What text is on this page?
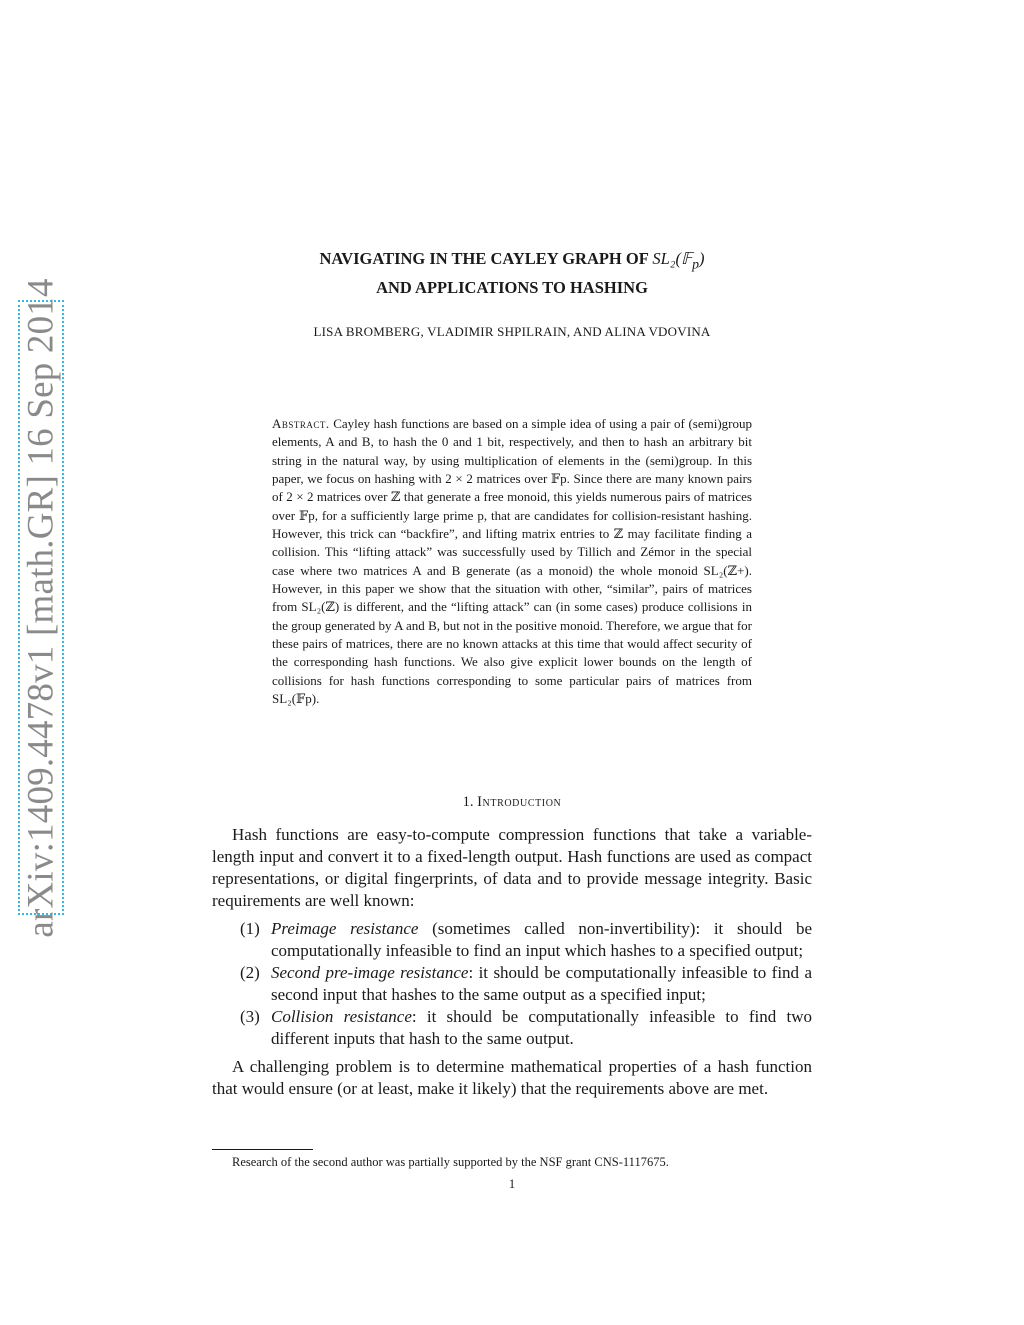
arXiv:1409.4478v1 [math.GR] 16 Sep 2014
NAVIGATING IN THE CAYLEY GRAPH OF SL₂(𝔽$_p$)
AND APPLICATIONS TO HASHING
LISA BROMBERG, VLADIMIR SHPILRAIN, AND ALINA VDOVINA
Abstract. Cayley hash functions are based on a simple idea of using a pair of (semi)group elements, A and B, to hash the 0 and 1 bit, respectively, and then to hash an arbitrary bit string in the natural way, by using multiplication of elements in the (semi)group. In this paper, we focus on hashing with 2 × 2 matrices over 𝔽p. Since there are many known pairs of 2 × 2 matrices over ℤ that generate a free monoid, this yields numerous pairs of matrices over 𝔽p, for a sufficiently large prime p, that are candidates for collision-resistant hashing. However, this trick can “backfire”, and lifting matrix entries to ℤ may facilitate finding a collision. This “lifting attack” was successfully used by Tillich and Zémor in the special case where two matrices A and B generate (as a monoid) the whole monoid SL₂(ℤ+). However, in this paper we show that the situation with other, “similar”, pairs of matrices from SL₂(ℤ) is different, and the “lifting attack” can (in some cases) produce collisions in the group generated by A and B, but not in the positive monoid. Therefore, we argue that for these pairs of matrices, there are no known attacks at this time that would affect security of the corresponding hash functions. We also give explicit lower bounds on the length of collisions for hash functions corresponding to some particular pairs of matrices from SL₂(𝔽p).
1. Introduction

Hash functions are easy-to-compute compression functions that take a variable-length input and convert it to a fixed-length output. Hash functions are used as compact representations, or digital fingerprints, of data and to provide message integrity. Basic requirements are well known:

(1) Preimage resistance (sometimes called non-invertibility): it should be computationally infeasible to find an input which hashes to a specified output;
(2) Second pre-image resistance: it should be computationally infeasible to find a second input that hashes to the same output as a specified input;
(3) Collision resistance: it should be computationally infeasible to find two different inputs that hash to the same output.

A challenging problem is to determine mathematical properties of a hash function that would ensure (or at least, make it likely) that the requirements above are met.

Research of the second author was partially supported by the NSF grant CNS-1117675.
1
